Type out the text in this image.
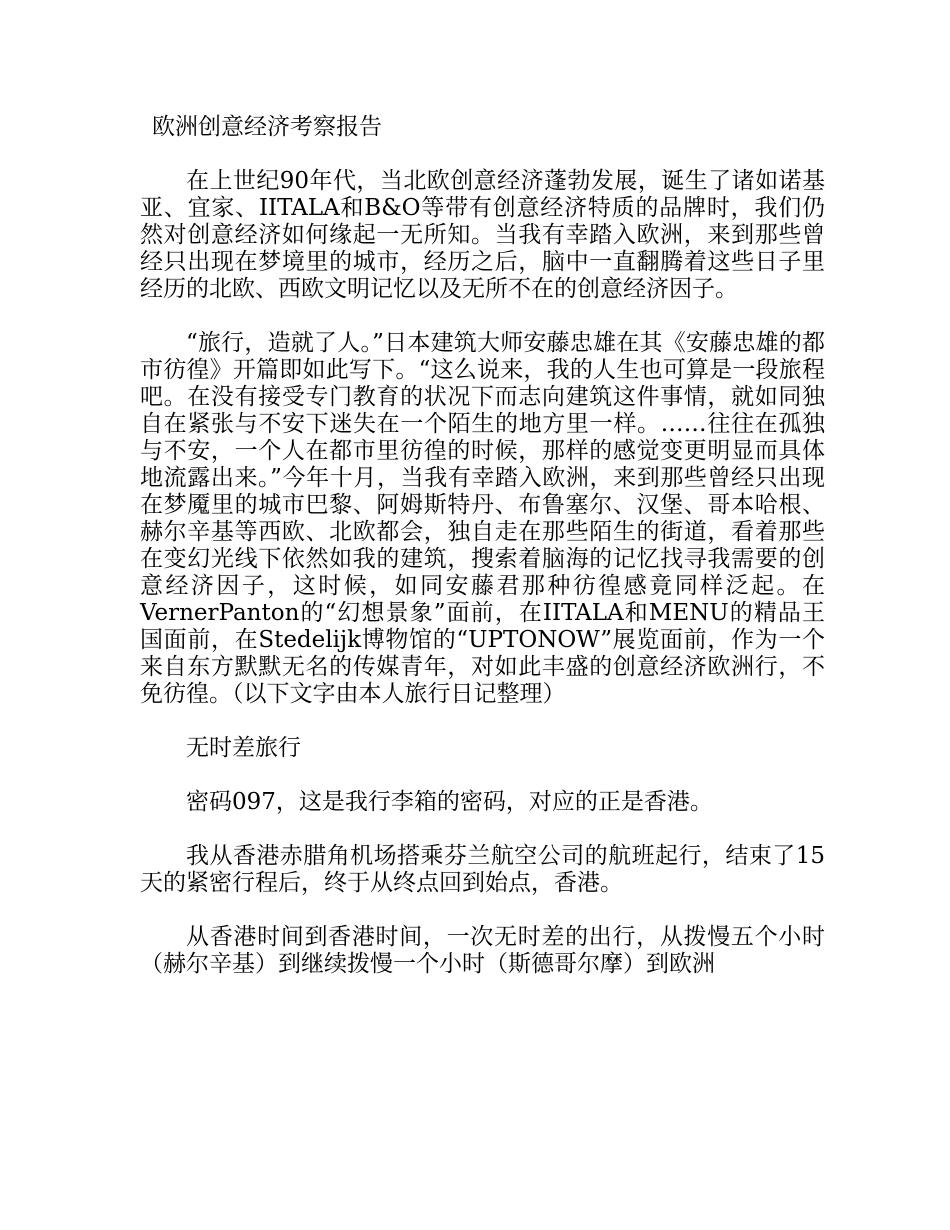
欧洲创意经济考察报告

在上世纪90年代，当北欧创意经济蓬勃发展，诞生了诸如诺基亚、宜家、IITALA和B&O等带有创意经济特质的品牌时，我们仍然对创意经济如何缘起一无所知。当我有幸踏入欧洲，来到那些曾经只出现在梦境里的城市，经历之后，脑中一直翻腾着这些日子里经历的北欧、西欧文明记忆以及无所不在的创意经济因子。

“旅行，造就了人。”日本建筑大师安藤忠雄在其《安藤忠雄的都市彷徨》开篇即如此写下。“这么说来，我的人生也可算是一段旅程吧。在没有接受专门教育的状况下而志向建筑这件事情，就如同独自在紧张与不安下迷失在一个陌生的地方里一样。……往往在孤独与不安，一个人在都市里彷徨的时候，那样的感觉变更明显而具体地流露出来。”今年十月，当我有幸踏入欧洲，来到那些曾经只出现在梦魇里的城市巴黎、阿姆斯特丹、布鲁塞尔、汉堡、哥本哈根、赫尔辛基等西欧、北欧都会，独自走在那些陌生的街道，看着那些在变幻光线下依然如我的建筑，搜索着脑海的记忆找寻我需要的创意经济因子，这时候，如同安藤君那种彷徨感竟同样泛起。在VernerPanton的“幻想景象”面前，在IITALA和MENU的精品王国面前，在Stedelijk博物馆的“UPTONOW”展览面前，作为一个来自东方默默无名的传媒青年，对如此丰盛的创意经济欧洲行，不免彷徨。（以下文字由本人旅行日记整理）

无时差旅行

密码097，这是我行李箱的密码，对应的正是香港。

我从香港赤腊角机场搭乘芬兰航空公司的航班起行，结束了15天的紧密行程后，终于从终点回到始点，香港。

从香港时间到香港时间，一次无时差的出行，从拨慢五个小时（赫尔辛基）到继续拨慢一个小时（斯德哥尔摩）到欧洲
